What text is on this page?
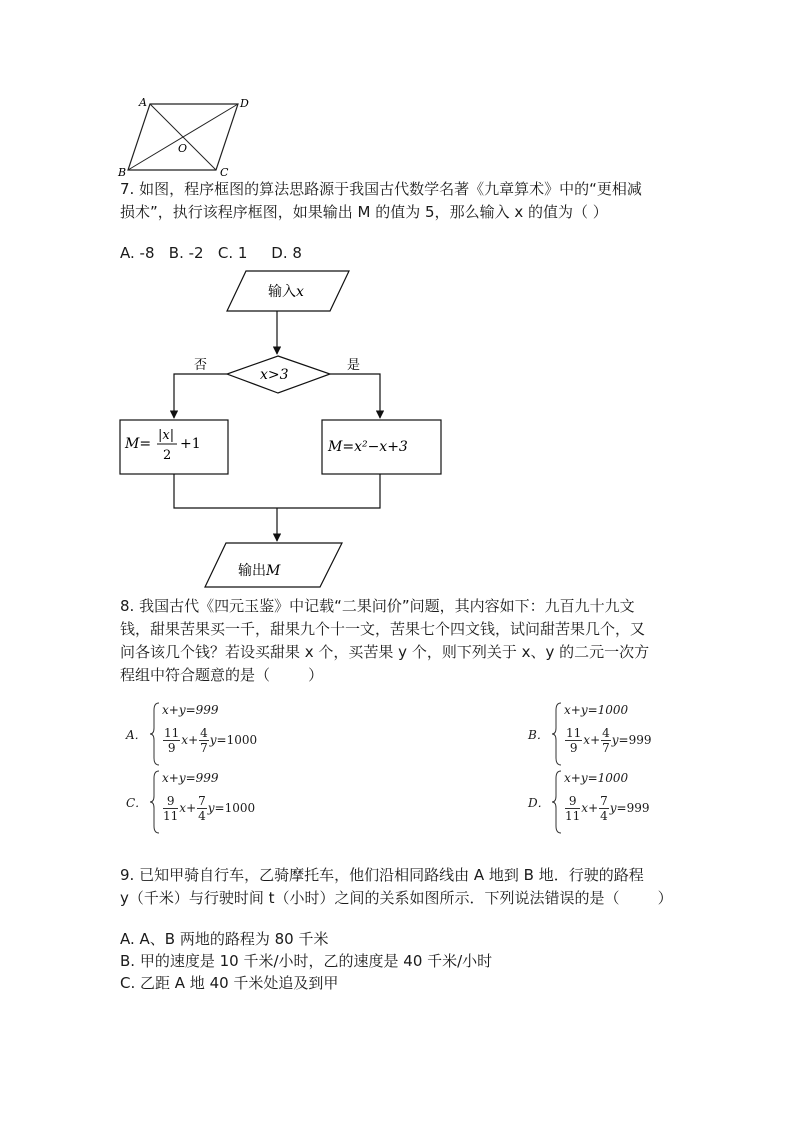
A	D
B	C
O
7. 如图，程序框图的算法思路源于我国古代数学名著《九章算术》中的“更相减
损术”，执行该程序框图，如果输出 M 的值为 5，那么输入 x 的值为（ ）
A. -8   B. -2   C. 1     D. 8
输入x
x>3
否	是
M=
|x|
2
+1	M=x²−x+3
输出M
8. 我国古代《四元玉鉴》中记载“二果问价”问题，其内容如下：九百九十九文
钱，甜果苦果买一千，甜果九个十一文，苦果七个四文钱，试问甜苦果几个，又
问各该几个钱？若设买甜果 x 个，买苦果 y 个，则下列关于 x、y 的二元一次方
程组中符合题意的是（        ）
A．
x+y=999
$\frac{11}{9} x+ \frac{4}{7} y=1000$	B．
x+y=1000
$\frac{11}{9} x+ \frac{4}{7} y=999$
C．
x+y=999
$\frac{9}{11} x+ \frac{7}{4} y=1000$	D．
x+y=1000
$\frac{9}{11} x+ \frac{7}{4} y=999$
9. 已知甲骑自行车，乙骑摩托车，他们沿相同路线由 A 地到 B 地．行驶的路程
y（千米）与行驶时间 t（小时）之间的关系如图所示．下列说法错误的是（        ）
A. A、B 两地的路程为 80 千米
B. 甲的速度是 10 千米/小时，乙的速度是 40 千米/小时
C. 乙距 A 地 40 千米处追及到甲
